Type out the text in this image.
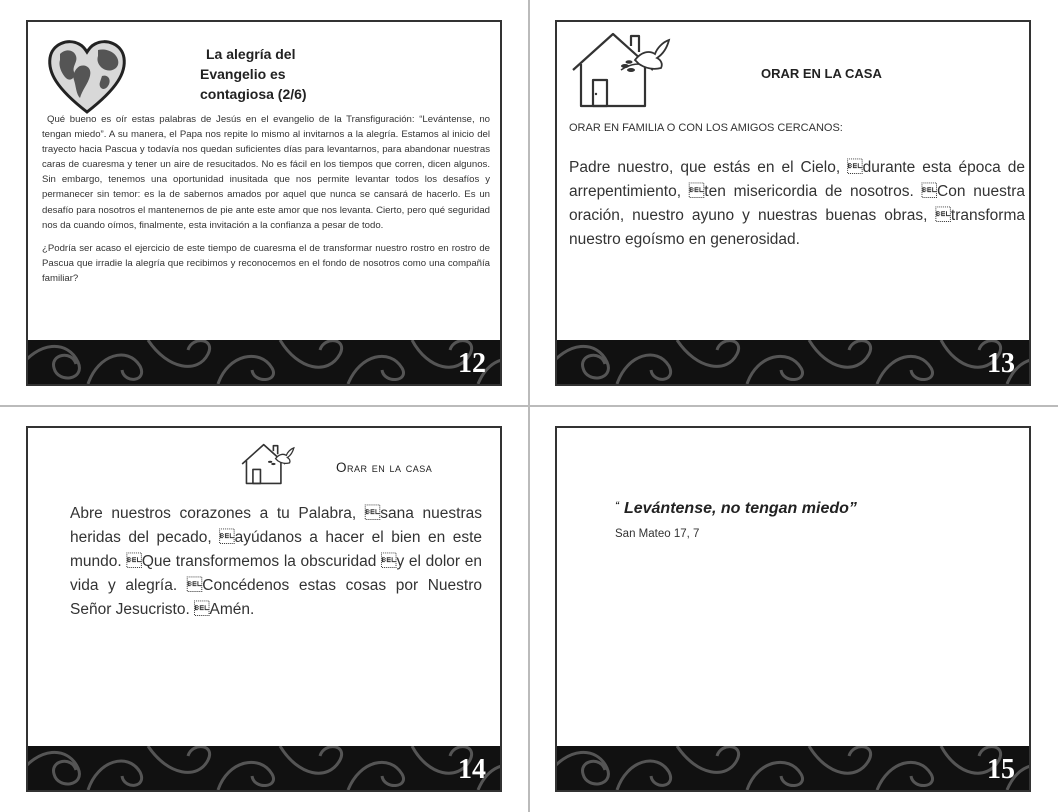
La alegría del
Evangelio es
contagiosa (2/6)

Qué bueno es oír estas palabras de Jesús en el evangelio de la Transfiguración: “Levántense, no tengan miedo”. A su manera, el Papa nos repite lo mismo al invitarnos a la alegría. Estamos al inicio del trayecto hacia Pascua y todavía nos quedan suficientes días para levantarnos, para abandonar nuestras caras de cuaresma y tener un aire de resucitados. No es fácil en los tiempos que corren, dicen algunos. Sin embargo, tenemos una oportunidad inusitada que nos permite levantar todos los desafíos y permanecer sin temor: es la de sabernos amados por aquel que nunca se cansará de hacerlo. Es un desafío para nosotros el mantenernos de pie ante este amor que nos levanta. Cierto, pero qué seguridad nos da cuando oímos, finalmente, esta invitación a la confianza a pesar de todo.

¿Podría ser acaso el ejercicio de este tiempo de cuaresma el de transformar nuestro rostro en rostro de Pascua que irradie la alegría que recibimos y reconocemos en el fondo de nosotros como una compañía familiar?

12
ORAR EN LA CASA
ORAR EN FAMILIA O CON LOS AMIGOS CERCANOS:
Padre nuestro, que estás en el Cielo, durante esta época de arrepentimiento, ten misericordia de nosotros. Con nuestra oración, nuestro ayuno y nuestras buenas obras, transforma nuestro egoísmo en generosidad.
13
Orar en la casa
Abre nuestros corazones a tu Palabra, sana nuestras heridas del pecado, ayúdanos a hacer el bien en este mundo. Que transformemos la obscuridad y el dolor en vida y alegría. Concédenos estas cosas por Nuestro Señor Jesucristo. Amén.
14
“ Levántense, no tengan miedo”
San Mateo 17, 7
15
